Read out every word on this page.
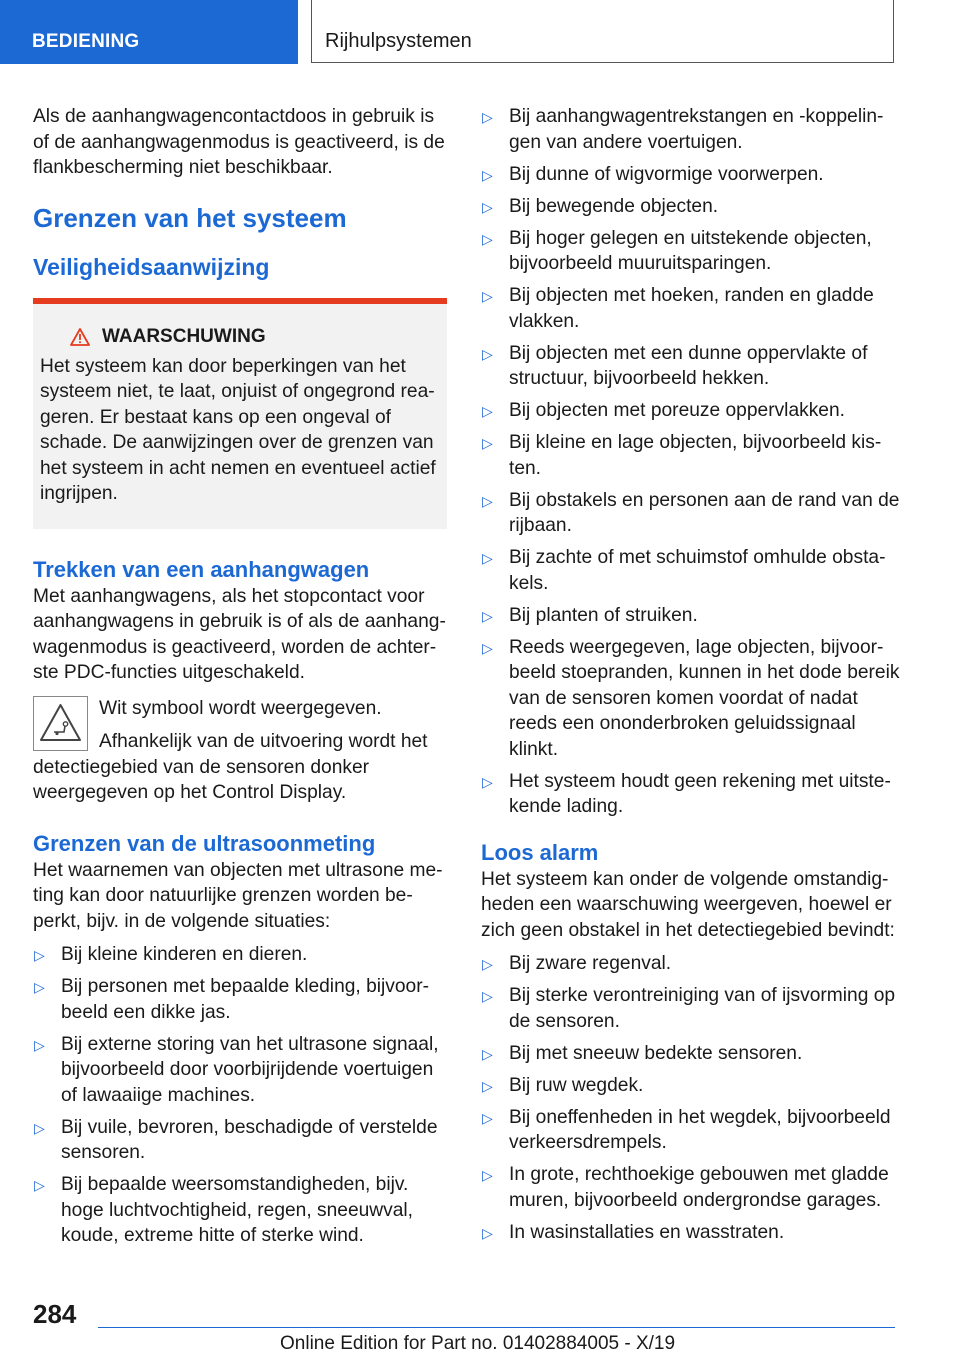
BEDIENING	Rijhulpsystemen

Als de aanhangwagencontactdoos in gebruik is of de aanhangwagenmodus is geactiveerd, is de flankbescherming niet beschikbaar.

Grenzen van het systeem
Veiligheidsaanwijzing
WAARSCHUWING

Het systeem kan door beperkingen van het systeem niet, te laat, onjuist of ongegrond reageren. Er bestaat kans op een ongeval of schade. De aanwijzingen over de grenzen van het systeem in acht nemen en eventueel actief ingrijpen.

Trekken van een aanhangwagen

Met aanhangwagens, als het stopcontact voor aanhangwagens in gebruik is of als de aanhangwagenmodus is geactiveerd, worden de achterste PDC-functies uitgeschakeld.

Wit symbool wordt weergegeven.

Afhankelijk van de uitvoering wordt het detectiegebied van de sensoren donker weergegeven op het Control Display.

Grenzen van de ultrasoonmeting

Het waarnemen van objecten met ultrasone meting kan door natuurlijke grenzen worden beperkt, bijv. in de volgende situaties:

▷ Bij kleine kinderen en dieren.
▷ Bij personen met bepaalde kleding, bijvoorbeeld een dikke jas.
▷ Bij externe storing van het ultrasone signaal, bijvoorbeeld door voorbijrijdende voertuigen of lawaaiige machines.
▷ Bij vuile, bevroren, beschadigde of verstelde sensoren.
▷ Bij bepaalde weersomstandigheden, bijv. hoge luchtvochtigheid, regen, sneeuwval, koude, extreme hitte of sterke wind.
▷ Bij aanhangwagentrekstangen en -koppelingen van andere voertuigen.
▷ Bij dunne of wigvormige voorwerpen.
▷ Bij bewegende objecten.
▷ Bij hoger gelegen en uitstekende objecten, bijvoorbeeld muuruitsparingen.
▷ Bij objecten met hoeken, randen en gladde vlakken.
▷ Bij objecten met een dunne oppervlakte of structuur, bijvoorbeeld hekken.
▷ Bij objecten met poreuze oppervlakken.
▷ Bij kleine en lage objecten, bijvoorbeeld kisten.
▷ Bij obstakels en personen aan de rand van de rijbaan.
▷ Bij zachte of met schuimstof omhulde obstakels.
▷ Bij planten of struiken.
▷ Reeds weergegeven, lage objecten, bijvoorbeeld stoepranden, kunnen in het dode bereik van de sensoren komen voordat of nadat reeds een ononderbroken geluidssignaal klinkt.
▷ Het systeem houdt geen rekening met uitstekende lading.
Loos alarm

Het systeem kan onder de volgende omstandigheden een waarschuwing weergeven, hoewel er zich geen obstakel in het detectiegebied bevindt:

▷ Bij zware regenval.
▷ Bij sterke verontreiniging van of ijsvorming op de sensoren.
▷ Bij met sneeuw bedekte sensoren.
▷ Bij ruw wegdek.
▷ Bij oneffenheden in het wegdek, bijvoorbeeld verkeersdrempels.
▷ In grote, rechthoekige gebouwen met gladde muren, bijvoorbeeld ondergrondse garages.
▷ In wasinstallaties en wasstraten.
284
Online Edition for Part no. 01402884005 - X/19
